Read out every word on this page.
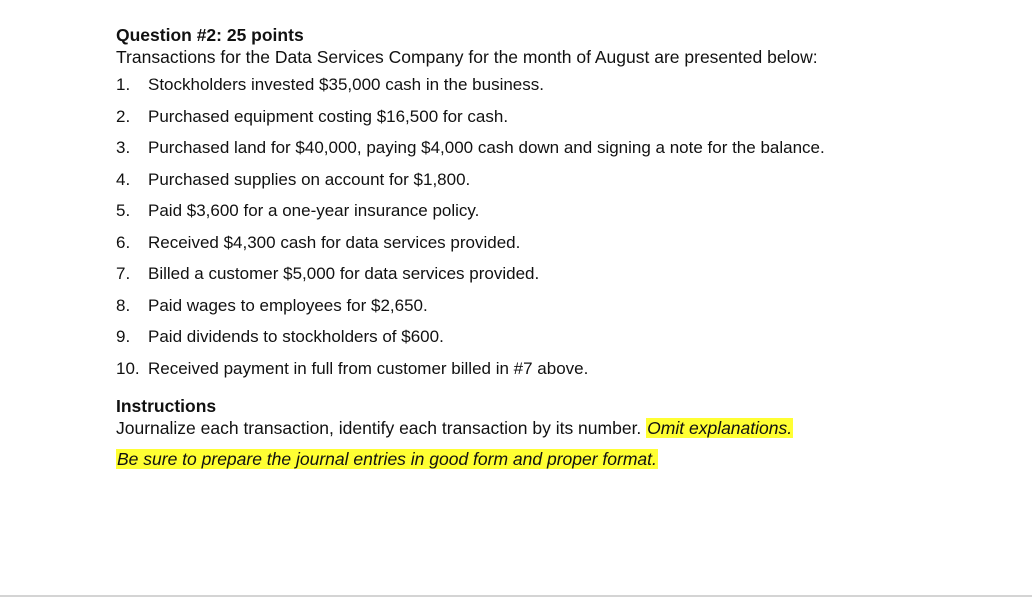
Question #2: 25 points

Transactions for the Data Services Company for the month of August are presented below:

1.	Stockholders invested $35,000 cash in the business.
2.	Purchased equipment costing $16,500 for cash.
3.	Purchased land for $40,000, paying $4,000 cash down and signing a note for the balance.
4.	Purchased supplies on account for $1,800.
5.	Paid $3,600 for a one-year insurance policy.
6.	Received $4,300 cash for data services provided.
7.	Billed a customer $5,000 for data services provided.
8.	Paid wages to employees for $2,650.
9.	Paid dividends to stockholders of $600.
10. Received payment in full from customer billed in #7 above.

Instructions

Journalize each transaction, identify each transaction by its number. Omit explanations.

Be sure to prepare the journal entries in good form and proper format.
